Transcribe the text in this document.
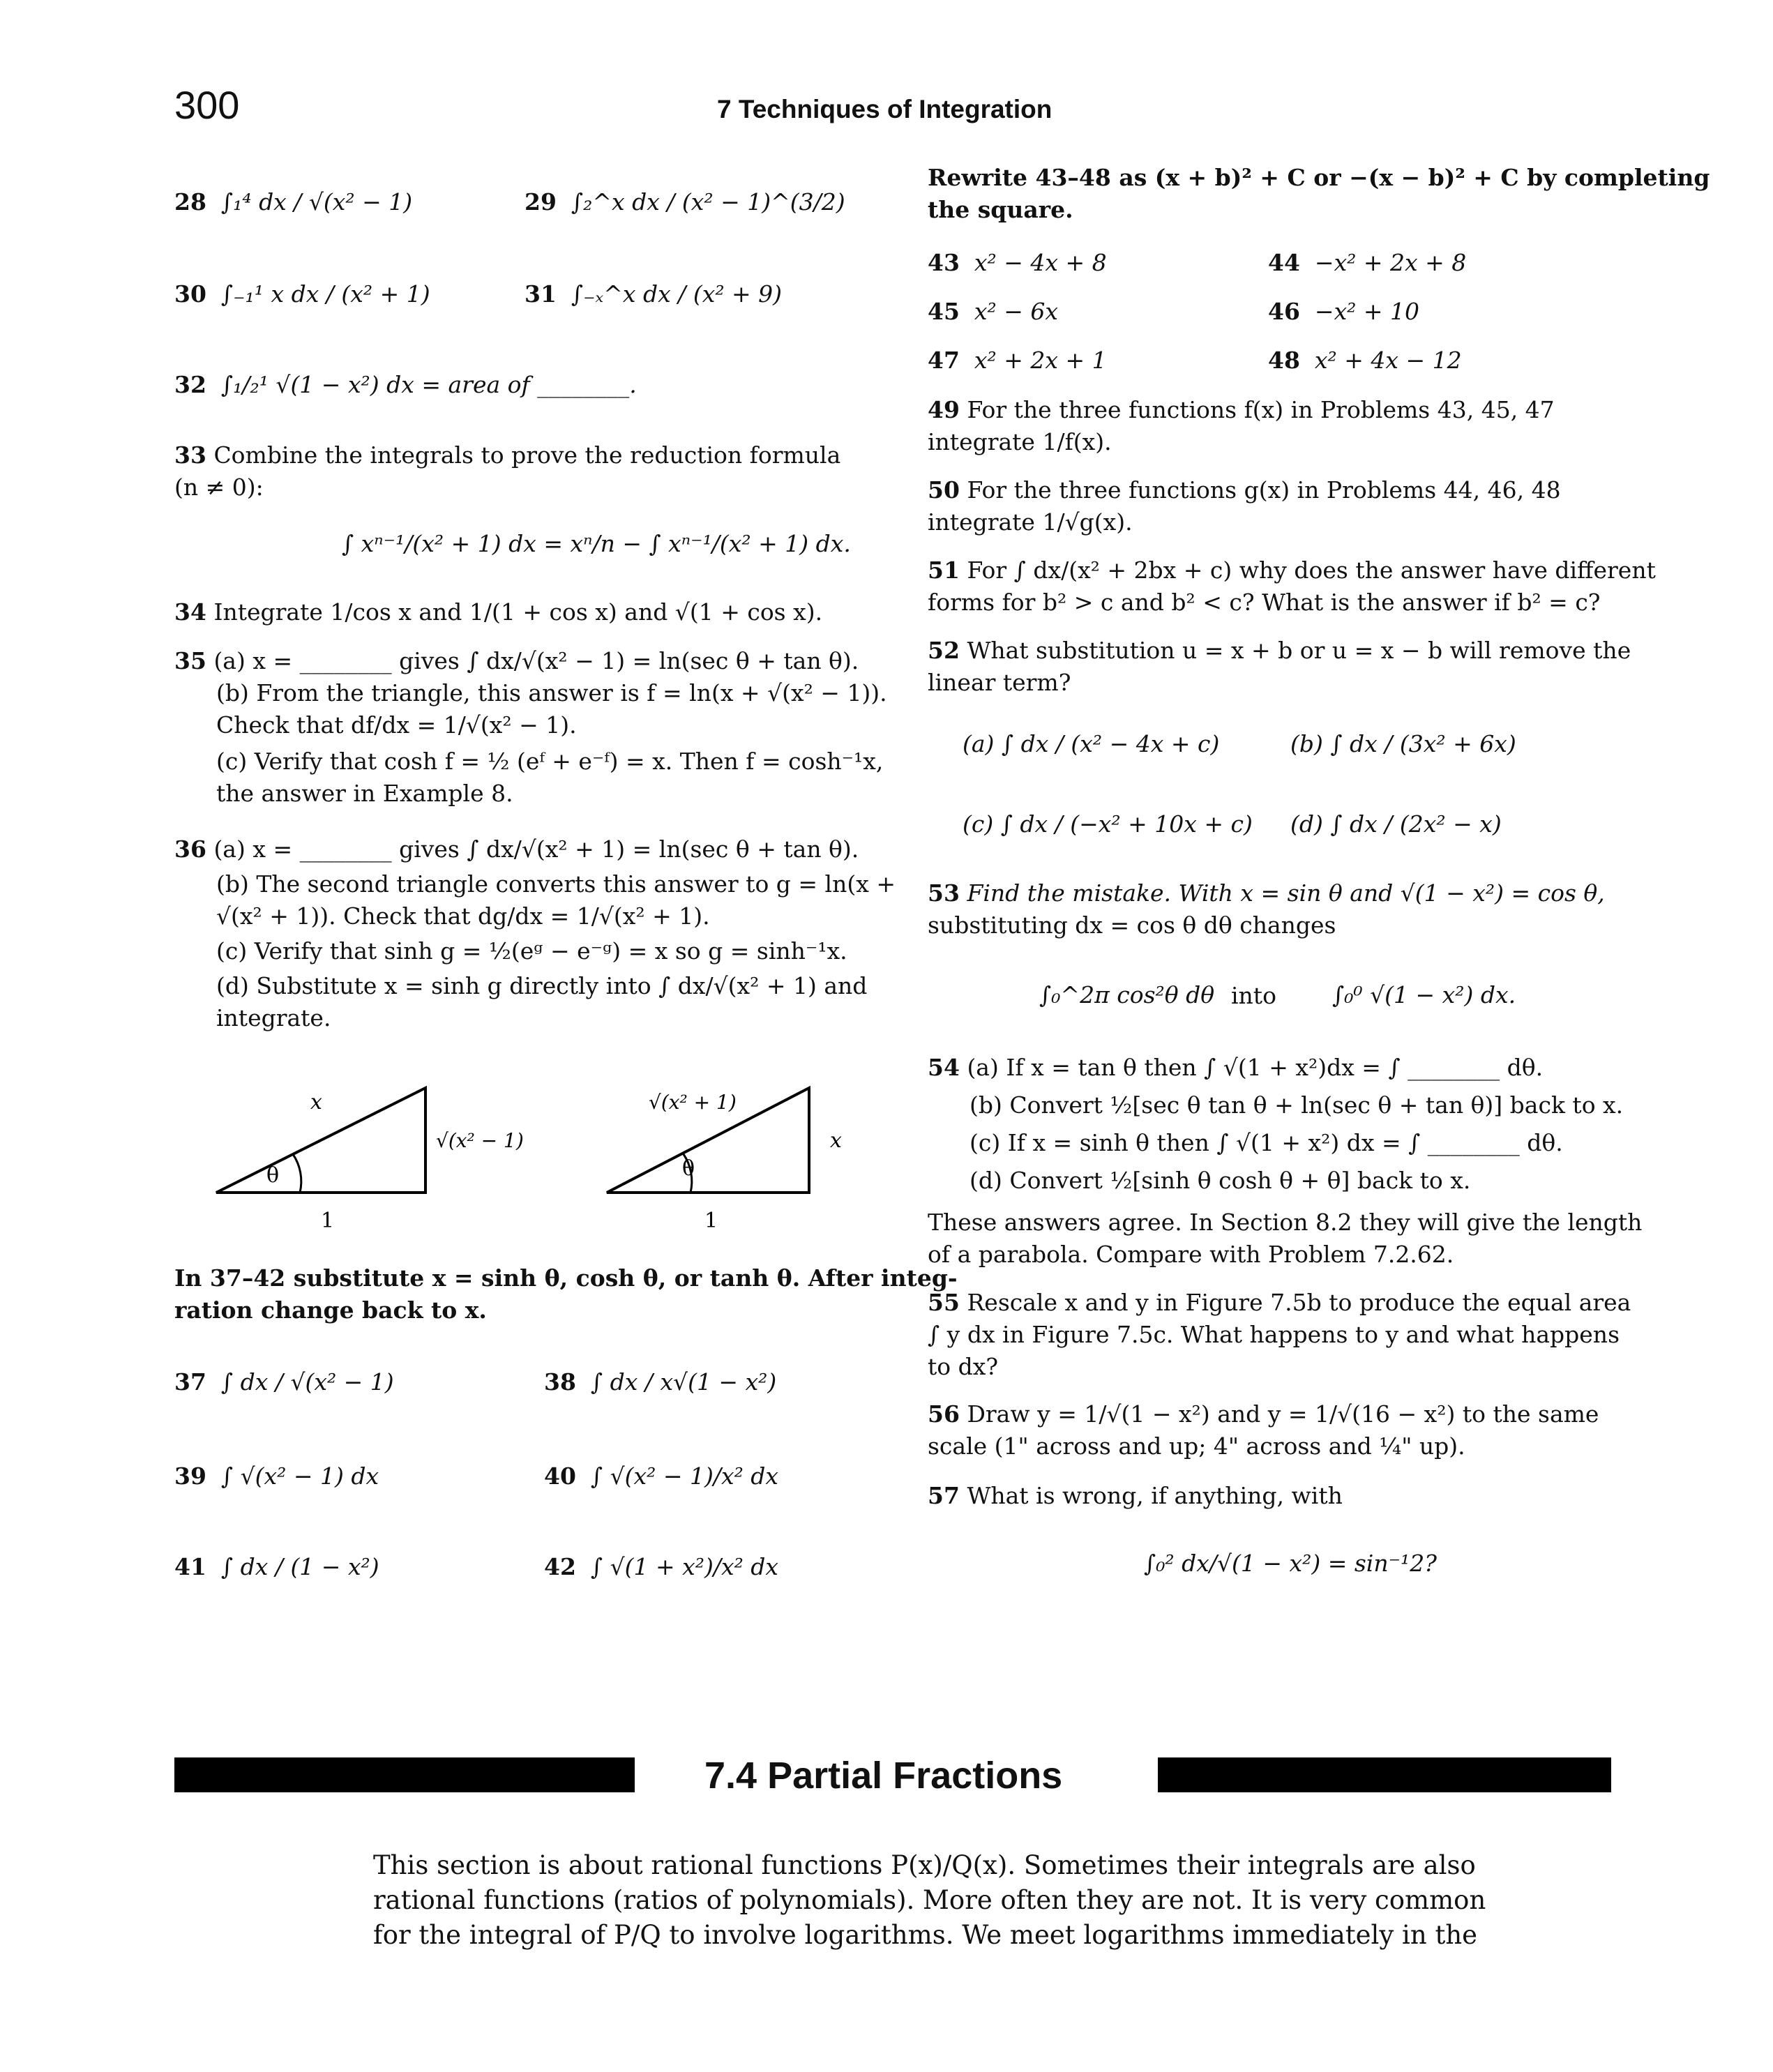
300	7 Techniques of Integration
28 ∫₁⁴ dx / √(x² − 1)	29 ∫₂^x dx / (x² − 1)^(3/2)
30 ∫₋₁¹ x dx / (x² + 1)	31 ∫₋ₓ^x dx / (x² + 9)
32 ∫₁/₂¹ √(1 − x²) dx = area of ________.
33 Combine the integrals to prove the reduction formula
(n ≠ 0):
∫ xⁿ⁻¹/(x² + 1) dx = xⁿ/n − ∫ xⁿ⁻¹/(x² + 1) dx.
34 Integrate 1/cos x and 1/(1 + cos x) and √(1 + cos x).
35 (a) x = ________ gives ∫ dx/√(x² − 1) = ln(sec θ + tan θ).
(b) From the triangle, this answer is f = ln(x + √(x² − 1)).
Check that df/dx = 1/√(x² − 1).
(c) Verify that cosh f = ½ (eᶠ + e⁻ᶠ) = x. Then f = cosh⁻¹x,
the answer in Example 8.
36 (a) x = ________ gives ∫ dx/√(x² + 1) = ln(sec θ + tan θ).
(b) The second triangle converts this answer to g = ln(x +
√(x² + 1)). Check that dg/dx = 1/√(x² + 1).
(c) Verify that sinh g = ½(eᵍ − e⁻ᵍ) = x so g = sinh⁻¹x.
(d) Substitute x = sinh g directly into ∫ dx/√(x² + 1) and
integrate.
x
√(x² − 1)
1
θ
√(x² + 1)
x
1
θ
In 37–42 substitute x = sinh θ, cosh θ, or tanh θ. After integ-
ration change back to x.
37 ∫ dx / √(x² − 1)	38 ∫ dx / x√(1 − x²)
39 ∫ √(x² − 1) dx	40 ∫ √(x² − 1)/x² dx
41 ∫ dx / (1 − x²)	42 ∫ √(1 + x²)/x² dx
Rewrite 43–48 as (x + b)² + C or −(x − b)² + C by completing
the square.
43 x² − 4x + 8	44 −x² + 2x + 8
45 x² − 6x	46 −x² + 10
47 x² + 2x + 1	48 x² + 4x − 12
49 For the three functions f(x) in Problems 43, 45, 47
integrate 1/f(x).
50 For the three functions g(x) in Problems 44, 46, 48
integrate 1/√g(x).
51 For ∫ dx/(x² + 2bx + c) why does the answer have different
forms for b² > c and b² < c? What is the answer if b² = c?
52 What substitution u = x + b or u = x − b will remove the
linear term?
(a) ∫ dx / (x² − 4x + c)	(b) ∫ dx / (3x² + 6x)
(c) ∫ dx / (−x² + 10x + c) (d) ∫ dx / (2x² − x)
53 Find the mistake. With x = sin θ and √(1 − x²) = cos θ,
substituting dx = cos θ dθ changes
∫₀^2π cos²θ dθ into ∫₀⁰ √(1 − x²) dx.
54 (a) If x = tan θ then ∫ √(1 + x²)dx = ∫ ________ dθ.
(b) Convert ½[sec θ tan θ + ln(sec θ + tan θ)] back to x.
(c) If x = sinh θ then ∫ √(1 + x²) dx = ∫ ________ dθ.
(d) Convert ½[sinh θ cosh θ + θ] back to x.
These answers agree. In Section 8.2 they will give the length
of a parabola. Compare with Problem 7.2.62.
55 Rescale x and y in Figure 7.5b to produce the equal area
∫ y dx in Figure 7.5c. What happens to y and what happens
to dx?
56 Draw y = 1/√(1 − x²) and y = 1/√(16 − x²) to the same
scale (1" across and up; 4" across and ¼" up).
57 What is wrong, if anything, with
∫₀² dx/√(1 − x²) = sin⁻¹2?
7.4 Partial Fractions
This section is about rational functions P(x)/Q(x). Sometimes their integrals are also
rational functions (ratios of polynomials). More often they are not. It is very common
for the integral of P/Q to involve logarithms. We meet logarithms immediately in the
